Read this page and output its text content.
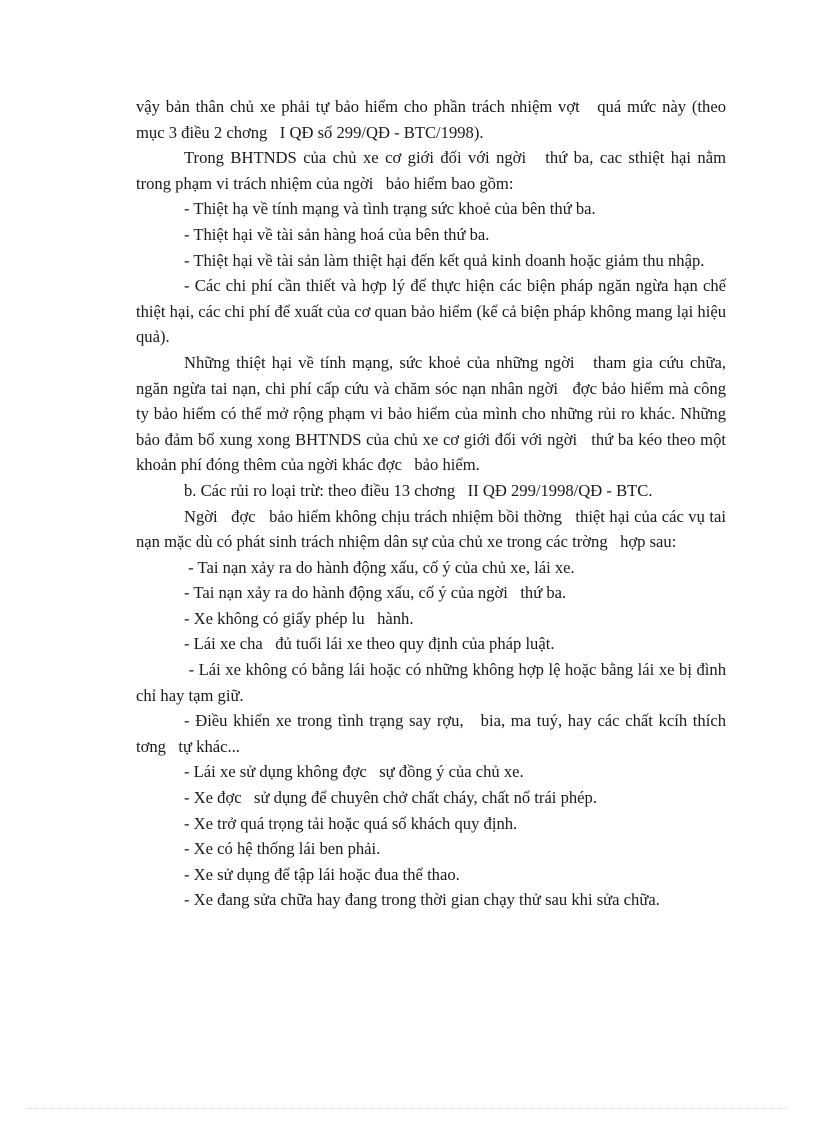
vậy bản thân chủ xe phải tự bảo hiểm cho phần trách nhiệm vợt   quá mức này (theo mục 3 điều 2 chơng   I QĐ số 299/QĐ - BTC/1998).

Trong BHTNDS của chủ xe cơ giới đối với ngời   thứ ba, cac sthiệt hại nằm trong phạm vi trách nhiệm của ngời   bảo hiểm bao gồm:

- Thiệt hạ về tính mạng và tình trạng sức khoẻ của bên thứ ba.

- Thiệt hại về tài sản hàng hoá của bên thứ ba.

- Thiệt hại về tài sản làm thiệt hại đến kết quả kinh doanh hoặc giảm thu nhập.

- Các chi phí cần thiết và hợp lý để thực hiện các biện pháp ngăn ngừa hạn chế thiệt hại, các chi phí để xuất của cơ quan bảo hiểm (kể cả biện pháp không mang lại hiệu quả).

Những thiệt hại về tính mạng, sức khoẻ của những ngời   tham gia cứu chữa, ngăn ngừa tai nạn, chi phí cấp cứu và chăm sóc nạn nhân ngời   đợc bảo hiểm mà công ty bảo hiểm có thể mở rộng phạm vi bảo hiểm của mình cho những rủi ro khác. Những bảo đảm bổ xung xong BHTNDS của chủ xe cơ giới đối với ngời   thứ ba kéo theo một khoản phí đóng thêm của ngời khác đợc   bảo hiểm.

b. Các rủi ro loại trừ: theo điều 13 chơng   II QĐ 299/1998/QĐ - BTC.

Ngời   đợc   bảo hiểm không chịu trách nhiệm bồi thờng   thiệt hại của các vụ tai nạn mặc dù có phát sinh trách nhiệm dân sự của chủ xe trong các trờng   hợp sau:

- Tai nạn xảy ra do hành động xấu, cố ý của chủ xe, lái xe.

- Tai nạn xảy ra do hành động xấu, cố ý của ngời   thứ ba.

- Xe không có giấy phép lu   hành.

- Lái xe cha   đủ tuổi lái xe theo quy định của pháp luật.

- Lái xe không có bằng lái hoặc có những không hợp lệ hoặc bằng lái xe bị đình chỉ hay tạm giữ.

- Điều khiển xe trong tình trạng say rợu,   bia, ma tuý, hay các chất kcíh thích tơng   tự khác...

- Lái xe sử dụng không đợc   sự đồng ý của chủ xe.

- Xe đợc   sử dụng để chuyên chở chất cháy, chất nổ trái phép.

- Xe trở quá trọng tải hoặc quá số khách quy định.

- Xe có hệ thống lái ben phải.

- Xe sử dụng để tập lái hoặc đua thể thao.

- Xe đang sửa chữa hay đang trong thời gian chạy thử sau khi sửa chữa.
